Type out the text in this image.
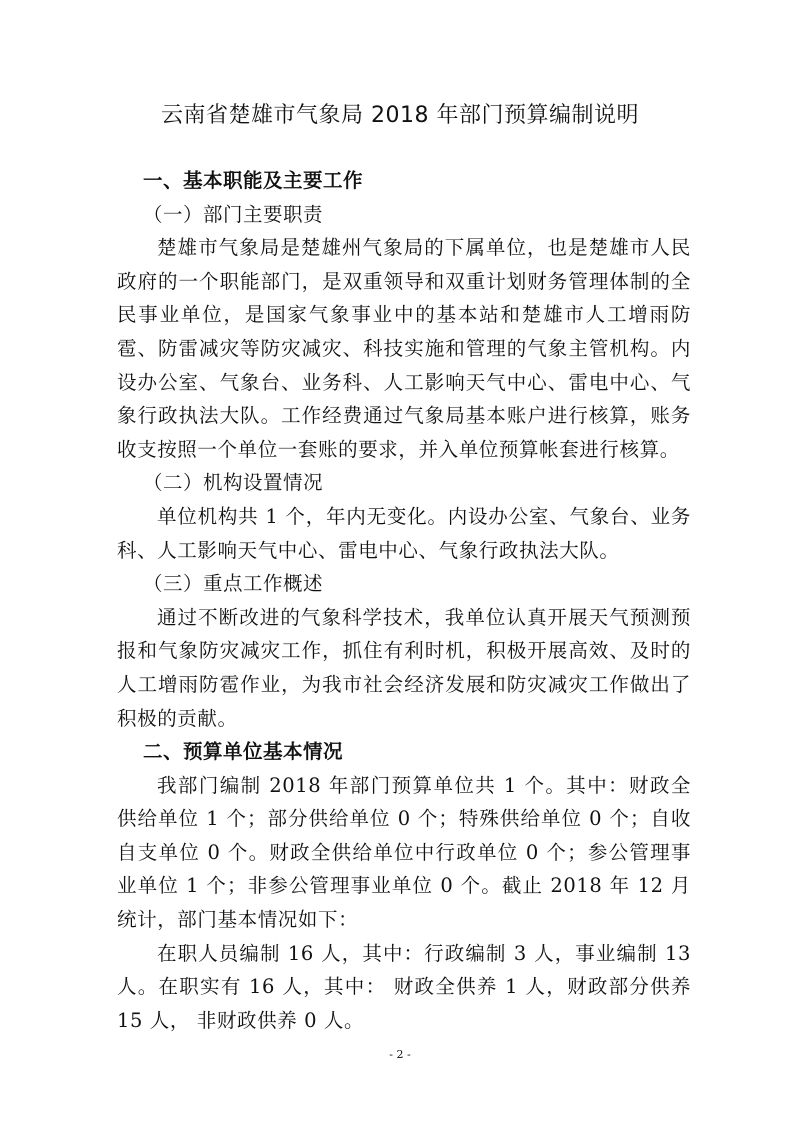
云南省楚雄市气象局 2018 年部门预算编制说明
一、基本职能及主要工作
（一）部门主要职责
楚雄市气象局是楚雄州气象局的下属单位，也是楚雄市人民政府的一个职能部门，是双重领导和双重计划财务管理体制的全民事业单位，是国家气象事业中的基本站和楚雄市人工增雨防雹、防雷减灾等防灾减灾、科技实施和管理的气象主管机构。内设办公室、气象台、业务科、人工影响天气中心、雷电中心、气象行政执法大队。工作经费通过气象局基本账户进行核算，账务收支按照一个单位一套账的要求，并入单位预算帐套进行核算。
（二）机构设置情况
单位机构共 1 个，年内无变化。内设办公室、气象台、业务科、人工影响天气中心、雷电中心、气象行政执法大队。
（三）重点工作概述
通过不断改进的气象科学技术，我单位认真开展天气预测预报和气象防灾减灾工作，抓住有利时机，积极开展高效、及时的人工增雨防雹作业，为我市社会经济发展和防灾减灾工作做出了积极的贡献。
二、预算单位基本情况
我部门编制 2018 年部门预算单位共 1 个。其中：财政全供给单位 1 个；部分供给单位 0 个；特殊供给单位 0 个；自收自支单位 0 个。财政全供给单位中行政单位 0 个；参公管理事业单位 1 个；非参公管理事业单位 0 个。截止 2018 年 12 月统计，部门基本情况如下：
在职人员编制 16 人，其中：行政编制 3 人，事业编制 13 人。在职实有 16 人，其中： 财政全供养 1 人，财政部分供养 15 人， 非财政供养 0 人。
- 2 -
